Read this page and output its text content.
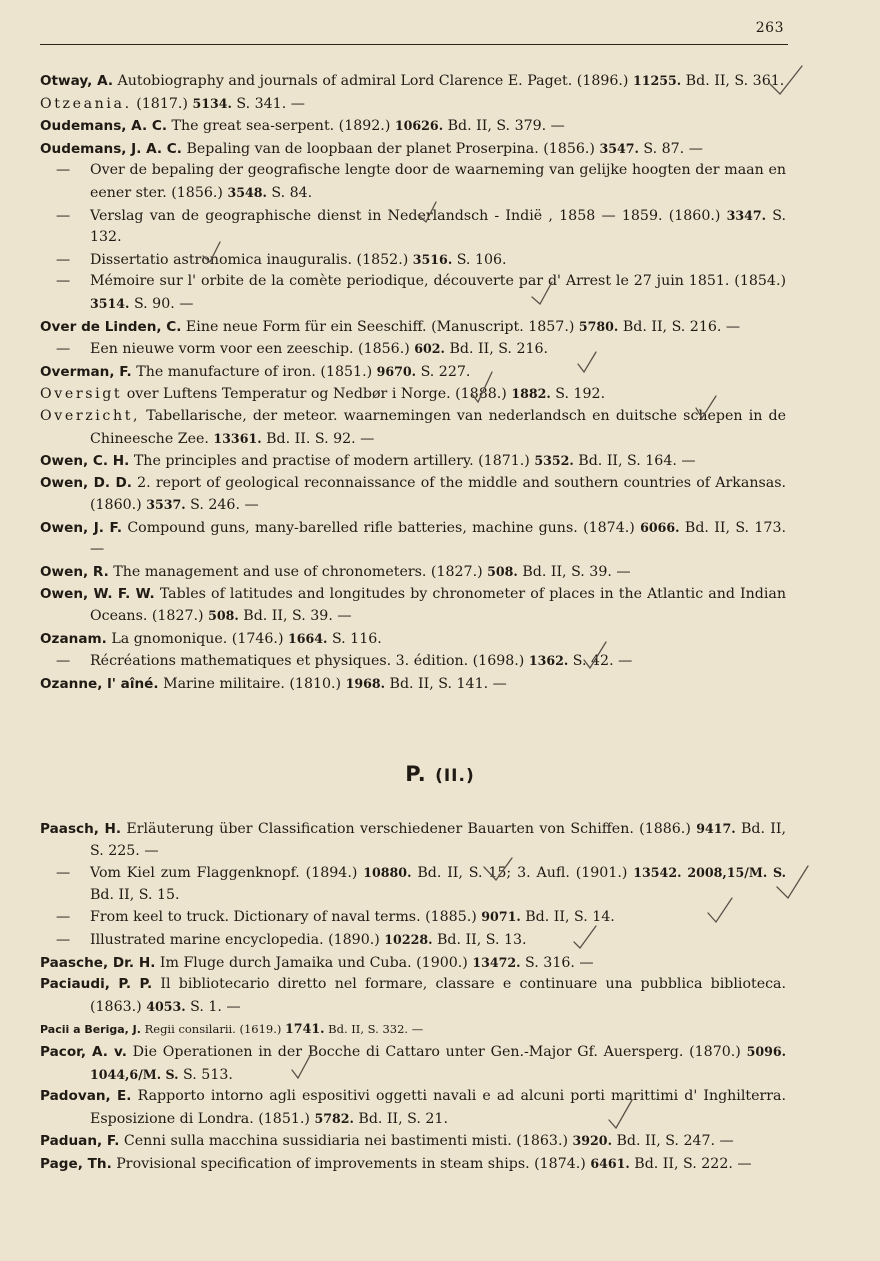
263

Otway, A. Autobiography and journals of admiral Lord Clarence E. Paget. (1896.) 11255. Bd. II, S. 361.

Otzeania. (1817.) 5134. S. 341. —

Oudemans, A. C. The great sea-serpent. (1892.) 10626. Bd. II, S. 379. —

Oudemans, J. A. C. Bepaling van de loopbaan der planet Proserpina. (1856.) 3547. S. 87. —

— Over de bepaling der geografische lengte door de waarneming van gelijke hoogten der maan en eener ster. (1856.) 3548. S. 84.

— Verslag van de geographische dienst in Nederlandsch - Indië , 1858 — 1859. (1860.) 3347. S. 132.

— Dissertatio astronomica inauguralis. (1852.) 3516. S. 106.

— Mémoire sur l' orbite de la comète periodique, découverte par d' Arrest le 27 juin 1851. (1854.) 3514. S. 90. —

Over de Linden, C. Eine neue Form für ein Seeschiff. (Manuscript. 1857.) 5780. Bd. II, S. 216. —

— Een nieuwe vorm voor een zeeschip. (1856.) 602. Bd. II, S. 216.

Overman, F. The manufacture of iron. (1851.) 9670. S. 227.

Oversigt over Luftens Temperatur og Nedbør i Norge. (1888.) 1882. S. 192.

Overzicht, Tabellarische, der meteor. waarnemingen van nederlandsch en duitsche schepen in de Chineesche Zee. 13361. Bd. II. S. 92. —

Owen, C. H. The principles and practise of modern artillery. (1871.) 5352. Bd. II, S. 164. —

Owen, D. D. 2. report of geological reconnaissance of the middle and southern countries of Arkansas. (1860.) 3537. S. 246. —

Owen, J. F. Compound guns, many-barelled rifle batteries, machine guns. (1874.) 6066. Bd. II, S. 173. —

Owen, R. The management and use of chronometers. (1827.) 508. Bd. II, S. 39. —

Owen, W. F. W. Tables of latitudes and longitudes by chronometer of places in the Atlantic and Indian Oceans. (1827.) 508. Bd. II, S. 39. —

Ozanam. La gnomonique. (1746.) 1664. S. 116.

— Récréations mathematiques et physiques. 3. édition. (1698.) 1362. S. 42. —

Ozanne, l' aîné. Marine militaire. (1810.) 1968. Bd. II, S. 141. —

P. (II.)

Paasch, H. Erläuterung über Classification verschiedener Bauarten von Schiffen. (1886.) 9417. Bd. II, S. 225. —

— Vom Kiel zum Flaggenknopf. (1894.) 10880. Bd. II, S. 15; 3. Aufl. (1901.) 13542. 2008,15/M. S. Bd. II, S. 15.

— From keel to truck. Dictionary of naval terms. (1885.) 9071. Bd. II, S. 14.

— Illustrated marine encyclopedia. (1890.) 10228. Bd. II, S. 13.

Paasche, Dr. H. Im Fluge durch Jamaika und Cuba. (1900.) 13472. S. 316. —

Paciaudi, P. P. Il bibliotecario diretto nel formare, classare e continuare una pubblica biblioteca. (1863.) 4053. S. 1. —

Pacii a Beriga, J. Regii consilarii. (1619.) 1741. Bd. II, S. 332. —

Pacor, A. v. Die Operationen in der Bocche di Cattaro unter Gen.-Major Gf. Auersperg. (1870.) 5096. 1044,6/M. S. S. 513.

Padovan, E. Rapporto intorno agli espositivi oggetti navali e ad alcuni porti marittimi d' Inghilterra. Esposizione di Londra. (1851.) 5782. Bd. II, S. 21.

Paduan, F. Cenni sulla macchina sussidiaria nei bastimenti misti. (1863.) 3920. Bd. II, S. 247. —

Page, Th. Provisional specification of improvements in steam ships. (1874.) 6461. Bd. II, S. 222. —
